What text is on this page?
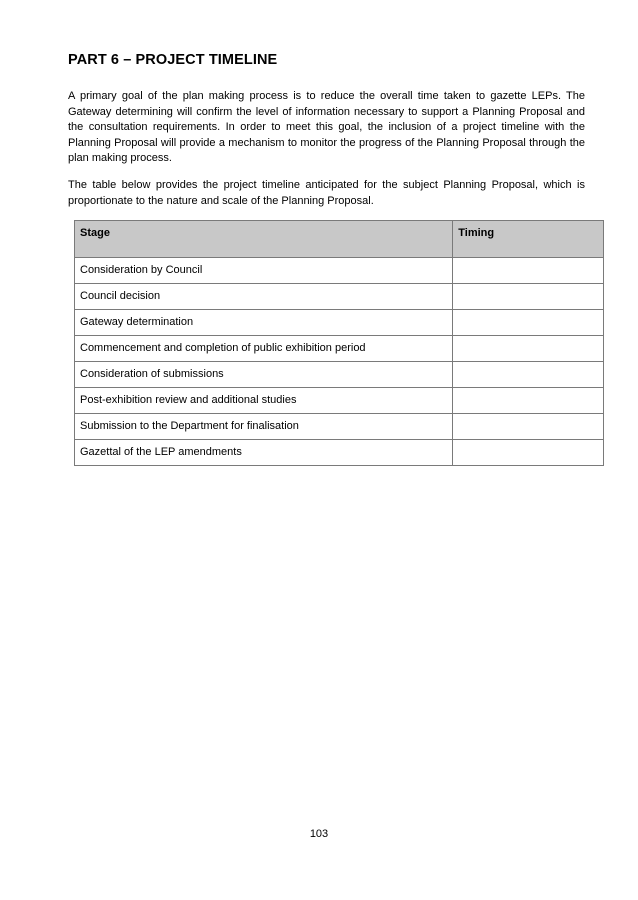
PART 6 – PROJECT TIMELINE

A primary goal of the plan making process is to reduce the overall time taken to gazette LEPs. The Gateway determining will confirm the level of information necessary to support a Planning Proposal and the consultation requirements. In order to meet this goal, the inclusion of a project timeline with the Planning Proposal will provide a mechanism to monitor the progress of the Planning Proposal through the plan making process.

The table below provides the project timeline anticipated for the subject Planning Proposal, which is proportionate to the nature and scale of the Planning Proposal.

Stage	Timing
Consideration by Council	
Council decision	
Gateway determination	
Commencement and completion of public exhibition period	
Consideration of submissions	
Post-exhibition review and additional studies	
Submission to the Department for finalisation	
Gazettal of the LEP amendments	
103
